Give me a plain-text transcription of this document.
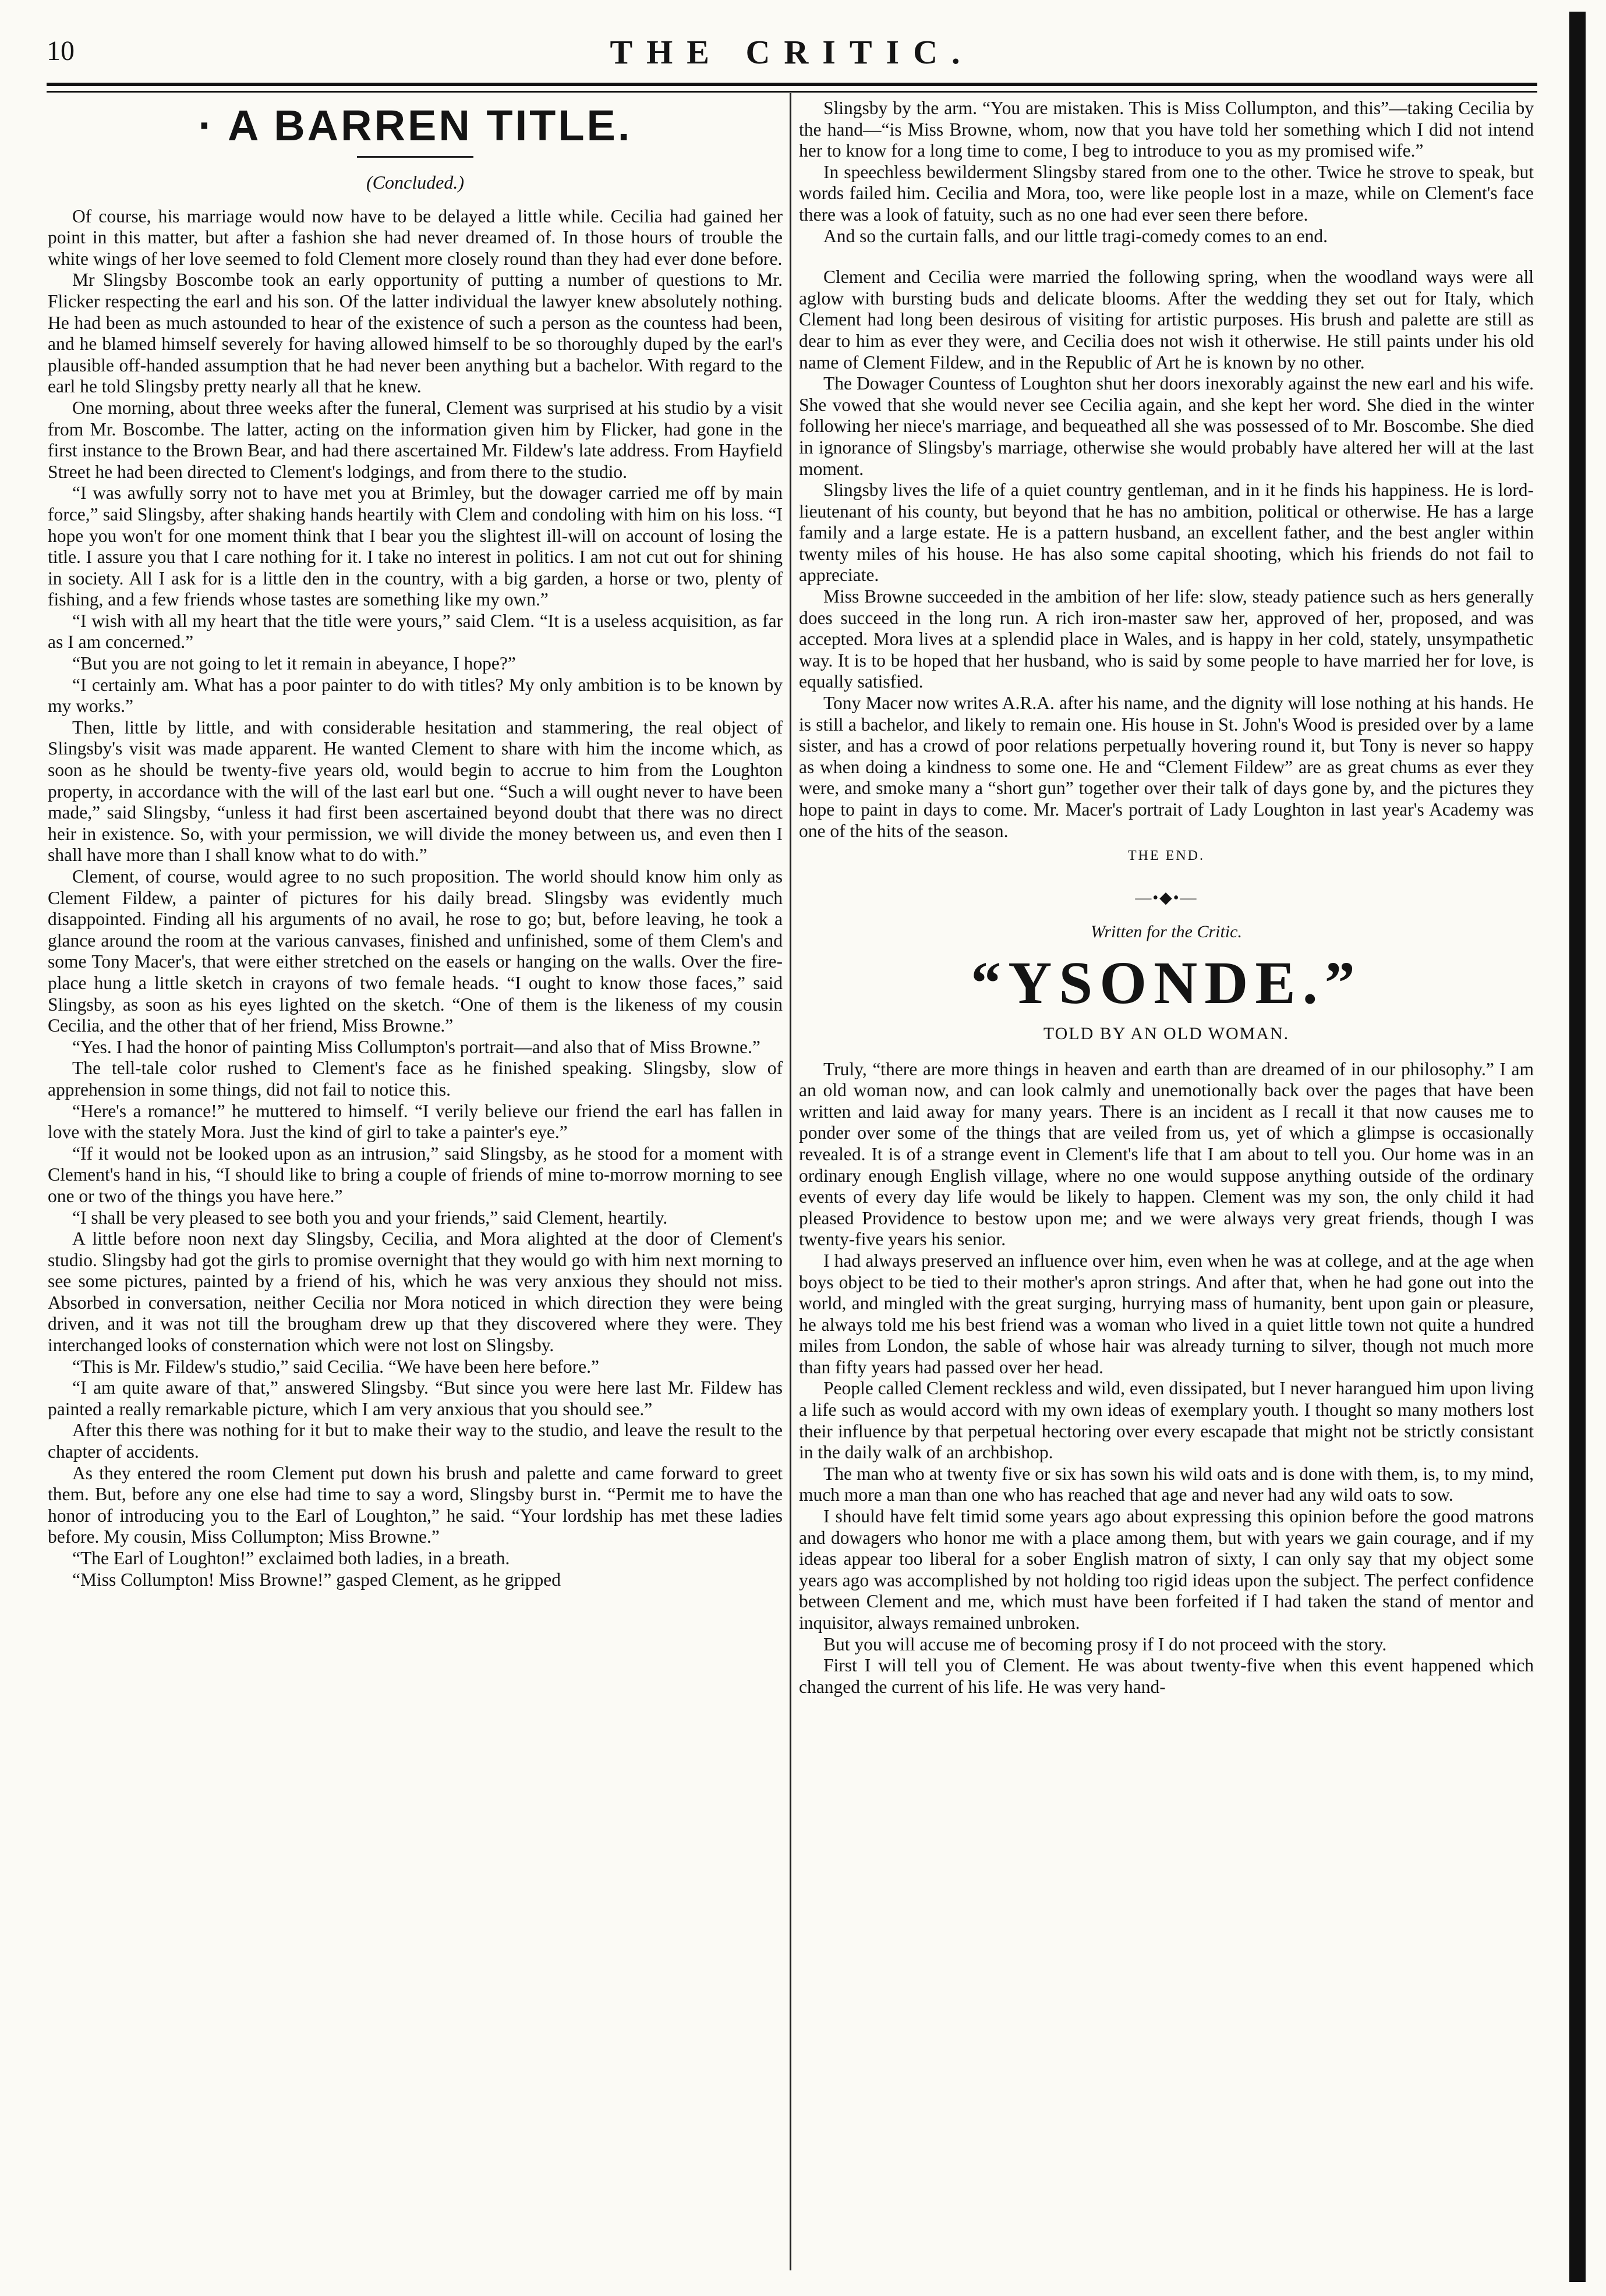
10	THE CRITIC.
· A BARREN TITLE.
(Concluded.)

Of course, his marriage would now have to be delayed a little while. Cecilia had gained her point in this matter, but after a fashion she had never dreamed of. In those hours of trouble the white wings of her love seemed to fold Clement more closely round than they had ever done before.

Mr Slingsby Boscombe took an early opportunity of putting a number of questions to Mr. Flicker respecting the earl and his son. Of the latter individual the lawyer knew absolutely nothing. He had been as much astounded to hear of the existence of such a person as the countess had been, and he blamed himself severely for having allowed himself to be so thoroughly duped by the earl's plausible off-handed assumption that he had never been anything but a bachelor. With regard to the earl he told Slingsby pretty nearly all that he knew.

One morning, about three weeks after the funeral, Clement was surprised at his studio by a visit from Mr. Boscombe. The latter, acting on the information given him by Flicker, had gone in the first instance to the Brown Bear, and had there ascertained Mr. Fildew's late address. From Hayfield Street he had been directed to Clement's lodgings, and from there to the studio.

“I was awfully sorry not to have met you at Brimley, but the dowager carried me off by main force,” said Slingsby, after shaking hands heartily with Clem and condoling with him on his loss. “I hope you won't for one moment think that I bear you the slightest ill-will on account of losing the title. I assure you that I care nothing for it. I take no interest in politics. I am not cut out for shining in society. All I ask for is a little den in the country, with a big garden, a horse or two, plenty of fishing, and a few friends whose tastes are something like my own.”

“I wish with all my heart that the title were yours,” said Clem. “It is a useless acquisition, as far as I am concerned.”

“But you are not going to let it remain in abeyance, I hope?”

“I certainly am. What has a poor painter to do with titles? My only ambition is to be known by my works.”

Then, little by little, and with considerable hesitation and stammering, the real object of Slingsby's visit was made apparent. He wanted Clement to share with him the income which, as soon as he should be twenty-five years old, would begin to accrue to him from the Loughton property, in accordance with the will of the last earl but one. “Such a will ought never to have been made,” said Slingsby, “unless it had first been ascertained beyond doubt that there was no direct heir in existence. So, with your permission, we will divide the money between us, and even then I shall have more than I shall know what to do with.”

Clement, of course, would agree to no such proposition. The world should know him only as Clement Fildew, a painter of pictures for his daily bread. Slingsby was evidently much disappointed. Finding all his arguments of no avail, he rose to go; but, before leaving, he took a glance around the room at the various canvases, finished and unfinished, some of them Clem's and some Tony Macer's, that were either stretched on the easels or hanging on the walls. Over the fire-place hung a little sketch in crayons of two female heads. “I ought to know those faces,” said Slingsby, as soon as his eyes lighted on the sketch. “One of them is the likeness of my cousin Cecilia, and the other that of her friend, Miss Browne.”

“Yes. I had the honor of painting Miss Collumpton's portrait—and also that of Miss Browne.”

The tell-tale color rushed to Clement's face as he finished speaking. Slingsby, slow of apprehension in some things, did not fail to notice this.

“Here's a romance!” he muttered to himself. “I verily believe our friend the earl has fallen in love with the stately Mora. Just the kind of girl to take a painter's eye.”

“If it would not be looked upon as an intrusion,” said Slingsby, as he stood for a moment with Clement's hand in his, “I should like to bring a couple of friends of mine to-morrow morning to see one or two of the things you have here.”

“I shall be very pleased to see both you and your friends,” said Clement, heartily.

A little before noon next day Slingsby, Cecilia, and Mora alighted at the door of Clement's studio. Slingsby had got the girls to promise overnight that they would go with him next morning to see some pictures, painted by a friend of his, which he was very anxious they should not miss. Absorbed in conversation, neither Cecilia nor Mora noticed in which direction they were being driven, and it was not till the brougham drew up that they discovered where they were. They interchanged looks of consternation which were not lost on Slingsby.

“This is Mr. Fildew's studio,” said Cecilia. “We have been here before.”

“I am quite aware of that,” answered Slingsby. “But since you were here last Mr. Fildew has painted a really remarkable picture, which I am very anxious that you should see.”

After this there was nothing for it but to make their way to the studio, and leave the result to the chapter of accidents.

As they entered the room Clement put down his brush and palette and came forward to greet them. But, before any one else had time to say a word, Slingsby burst in. “Permit me to have the honor of introducing you to the Earl of Loughton,” he said. “Your lordship has met these ladies before. My cousin, Miss Collumpton; Miss Browne.”

“The Earl of Loughton!” exclaimed both ladies, in a breath.

“Miss Collumpton! Miss Browne!” gasped Clement, as he gripped

Slingsby by the arm. “You are mistaken. This is Miss Collumpton, and this”—taking Cecilia by the hand—“is Miss Browne, whom, now that you have told her something which I did not intend her to know for a long time to come, I beg to introduce to you as my promised wife.”

In speechless bewilderment Slingsby stared from one to the other. Twice he strove to speak, but words failed him. Cecilia and Mora, too, were like people lost in a maze, while on Clement's face there was a look of fatuity, such as no one had ever seen there before.

And so the curtain falls, and our little tragi-comedy comes to an end.

Clement and Cecilia were married the following spring, when the woodland ways were all aglow with bursting buds and delicate blooms. After the wedding they set out for Italy, which Clement had long been desirous of visiting for artistic purposes. His brush and palette are still as dear to him as ever they were, and Cecilia does not wish it otherwise. He still paints under his old name of Clement Fildew, and in the Republic of Art he is known by no other.

The Dowager Countess of Loughton shut her doors inexorably against the new earl and his wife. She vowed that she would never see Cecilia again, and she kept her word. She died in the winter following her niece's marriage, and bequeathed all she was possessed of to Mr. Boscombe. She died in ignorance of Slingsby's marriage, otherwise she would probably have altered her will at the last moment.

Slingsby lives the life of a quiet country gentleman, and in it he finds his happiness. He is lord-lieutenant of his county, but beyond that he has no ambition, political or otherwise. He has a large family and a large estate. He is a pattern husband, an excellent father, and the best angler within twenty miles of his house. He has also some capital shooting, which his friends do not fail to appreciate.

Miss Browne succeeded in the ambition of her life: slow, steady patience such as hers generally does succeed in the long run. A rich iron-master saw her, approved of her, proposed, and was accepted. Mora lives at a splendid place in Wales, and is happy in her cold, stately, unsympathetic way. It is to be hoped that her husband, who is said by some people to have married her for love, is equally satisfied.

Tony Macer now writes A.R.A. after his name, and the dignity will lose nothing at his hands. He is still a bachelor, and likely to remain one. His house in St. John's Wood is presided over by a lame sister, and has a crowd of poor relations perpetually hovering round it, but Tony is never so happy as when doing a kindness to some one. He and “Clement Fildew” are as great chums as ever they were, and smoke many a “short gun” together over their talk of days gone by, and the pictures they hope to paint in days to come. Mr. Macer's portrait of Lady Loughton in last year's Academy was one of the hits of the season.

THE END.
—•◆•—
Written for the Critic.
“YSONDE.”
TOLD BY AN OLD WOMAN.

Truly, “there are more things in heaven and earth than are dreamed of in our philosophy.” I am an old woman now, and can look calmly and unemotionally back over the pages that have been written and laid away for many years. There is an incident as I recall it that now causes me to ponder over some of the things that are veiled from us, yet of which a glimpse is occasionally revealed. It is of a strange event in Clement's life that I am about to tell you. Our home was in an ordinary enough English village, where no one would suppose anything outside of the ordinary events of every day life would be likely to happen. Clement was my son, the only child it had pleased Providence to bestow upon me; and we were always very great friends, though I was twenty-five years his senior.

I had always preserved an influence over him, even when he was at college, and at the age when boys object to be tied to their mother's apron strings. And after that, when he had gone out into the world, and mingled with the great surging, hurrying mass of humanity, bent upon gain or pleasure, he always told me his best friend was a woman who lived in a quiet little town not quite a hundred miles from London, the sable of whose hair was already turning to silver, though not much more than fifty years had passed over her head.

People called Clement reckless and wild, even dissipated, but I never harangued him upon living a life such as would accord with my own ideas of exemplary youth. I thought so many mothers lost their influence by that perpetual hectoring over every escapade that might not be strictly consistant in the daily walk of an archbishop.

The man who at twenty five or six has sown his wild oats and is done with them, is, to my mind, much more a man than one who has reached that age and never had any wild oats to sow.

I should have felt timid some years ago about expressing this opinion before the good matrons and dowagers who honor me with a place among them, but with years we gain courage, and if my ideas appear too liberal for a sober English matron of sixty, I can only say that my object some years ago was accomplished by not holding too rigid ideas upon the subject. The perfect confidence between Clement and me, which must have been forfeited if I had taken the stand of mentor and inquisitor, always remained unbroken.

But you will accuse me of becoming prosy if I do not proceed with the story.

First I will tell you of Clement. He was about twenty-five when this event happened which changed the current of his life. He was very hand-
